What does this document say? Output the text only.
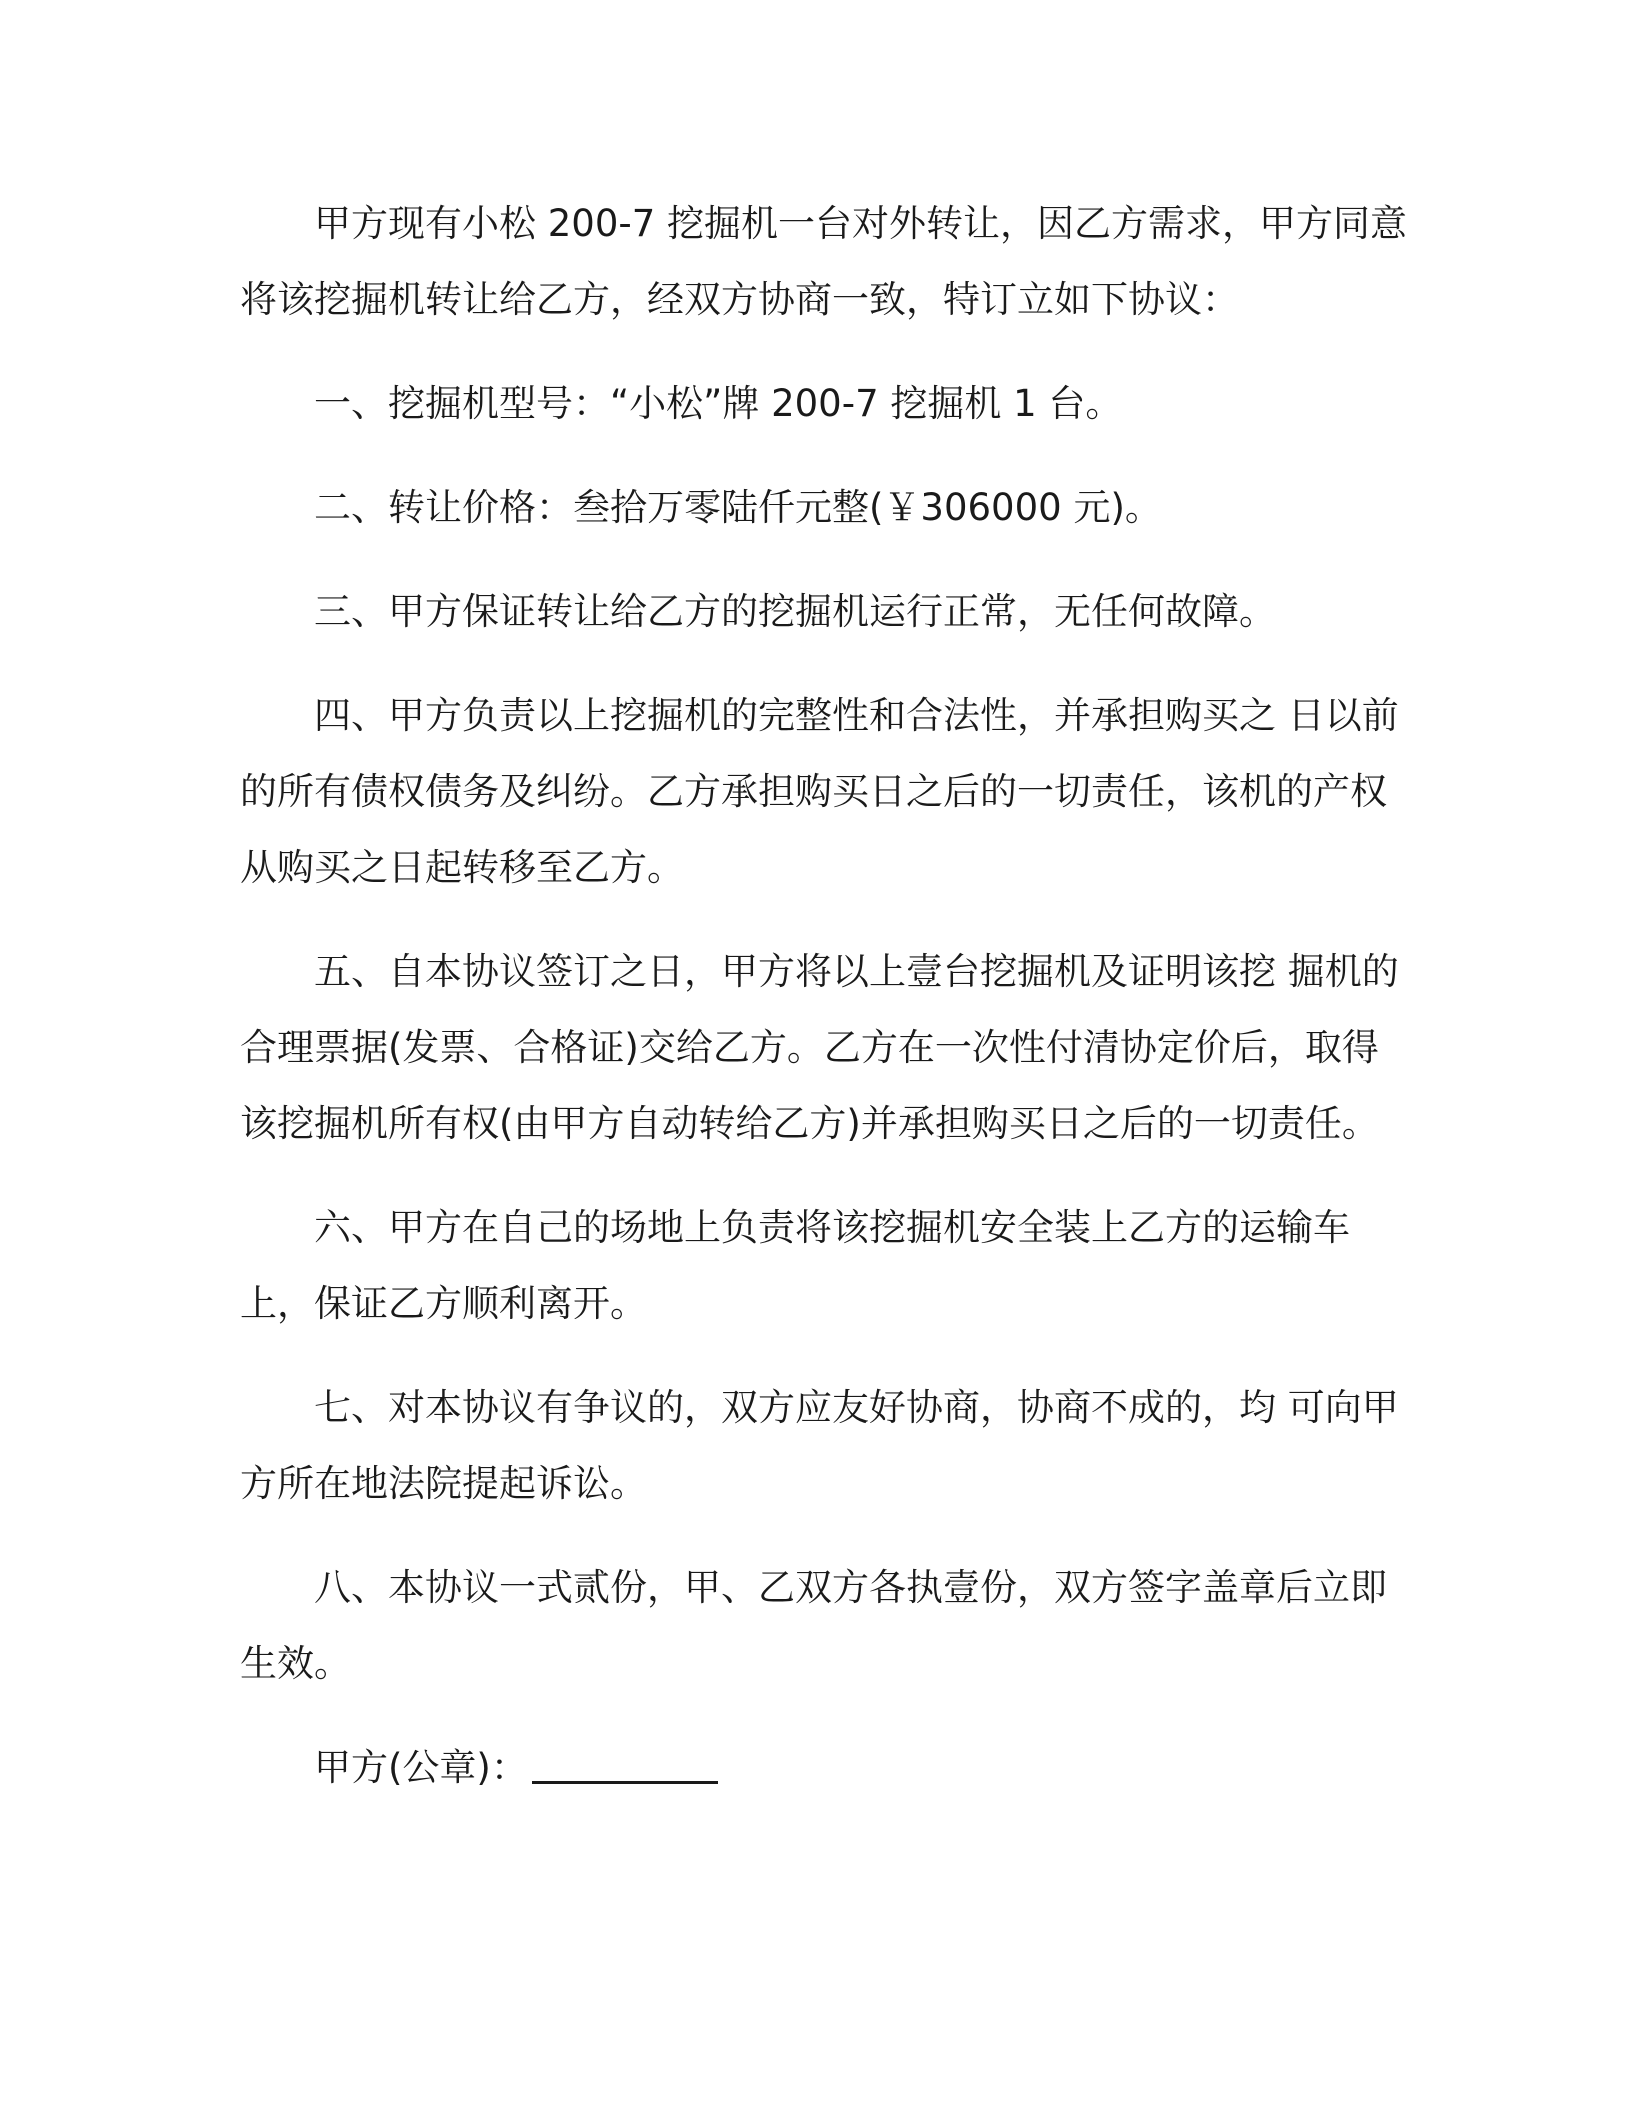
甲方现有小松 200-7 挖掘机一台对外转让，因乙方需求，甲方同意将该挖掘机转让给乙方，经双方协商一致，特订立如下协议：

一、挖掘机型号：“小松”牌 200-7 挖掘机 1 台。

二、转让价格：叁拾万零陆仟元整(￥306000 元)。

三、甲方保证转让给乙方的挖掘机运行正常，无任何故障。

四、甲方负责以上挖掘机的完整性和合法性，并承担购买之 日以前的所有债权债务及纠纷。乙方承担购买日之后的一切责任，该机的产权从购买之日起转移至乙方。

五、自本协议签订之日，甲方将以上壹台挖掘机及证明该挖 掘机的合理票据(发票、合格证)交给乙方。乙方在一次性付清协定价后，取得该挖掘机所有权(由甲方自动转给乙方)并承担购买日之后的一切责任。

六、甲方在自己的场地上负责将该挖掘机安全装上乙方的运输车上，保证乙方顺利离开。

七、对本协议有争议的，双方应友好协商，协商不成的，均 可向甲方所在地法院提起诉讼。

八、本协议一式贰份，甲、乙双方各执壹份，双方签字盖章后立即生效。

甲方(公章)：
